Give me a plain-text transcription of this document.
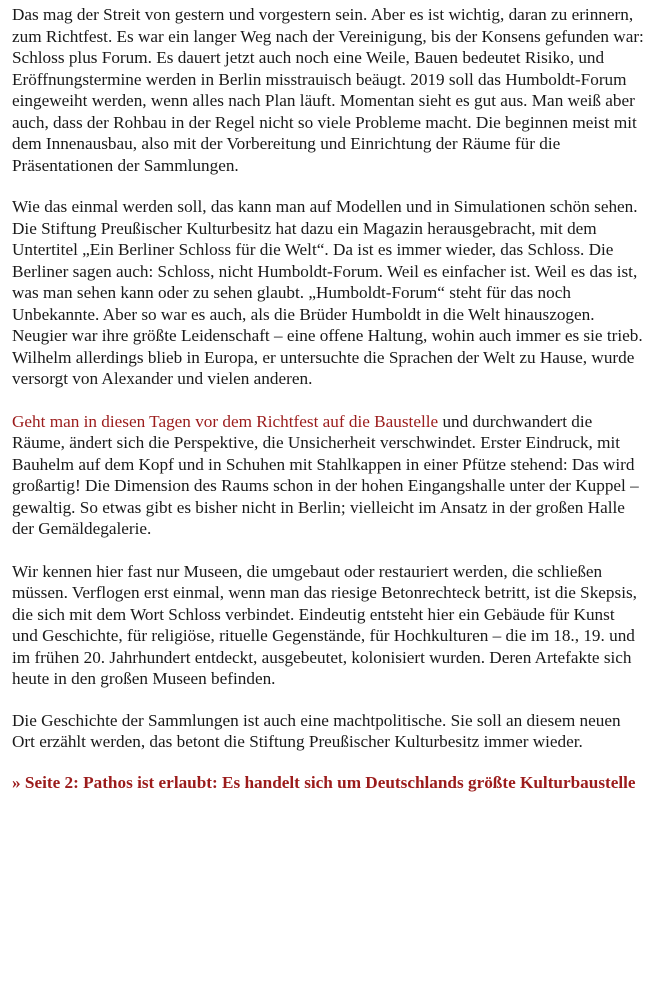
Das mag der Streit von gestern und vorgestern sein. Aber es ist wichtig, daran zu erinnern, zum Richtfest. Es war ein langer Weg nach der Vereinigung, bis der Konsens gefunden war: Schloss plus Forum. Es dauert jetzt auch noch eine Weile, Bauen bedeutet Risiko, und Eröffnungstermine werden in Berlin misstrauisch beäugt. 2019 soll das Humboldt-Forum eingeweiht werden, wenn alles nach Plan läuft. Momentan sieht es gut aus. Man weiß aber auch, dass der Rohbau in der Regel nicht so viele Probleme macht. Die beginnen meist mit dem Innenausbau, also mit der Vorbereitung und Einrichtung der Räume für die Präsentationen der Sammlungen.

Wie das einmal werden soll, das kann man auf Modellen und in Simulationen schön sehen. Die Stiftung Preußischer Kulturbesitz hat dazu ein Magazin herausgebracht, mit dem Untertitel „Ein Berliner Schloss für die Welt“. Da ist es immer wieder, das Schloss. Die Berliner sagen auch: Schloss, nicht Humboldt-Forum. Weil es einfacher ist. Weil es das ist, was man sehen kann oder zu sehen glaubt. „Humboldt-Forum“ steht für das noch Unbekannte. Aber so war es auch, als die Brüder Humboldt in die Welt hinauszogen. Neugier war ihre größte Leidenschaft – eine offene Haltung, wohin auch immer es sie trieb. Wilhelm allerdings blieb in Europa, er untersuchte die Sprachen der Welt zu Hause, wurde versorgt von Alexander und vielen anderen.

Geht man in diesen Tagen vor dem Richtfest auf die Baustelle und durchwandert die Räume, ändert sich die Perspektive, die Unsicherheit verschwindet. Erster Eindruck, mit Bauhelm auf dem Kopf und in Schuhen mit Stahlkappen in einer Pfütze stehend: Das wird großartig! Die Dimension des Raums schon in der hohen Eingangshalle unter der Kuppel – gewaltig. So etwas gibt es bisher nicht in Berlin; vielleicht im Ansatz in der großen Halle der Gemäldegalerie.

Wir kennen hier fast nur Museen, die umgebaut oder restauriert werden, die schließen müssen. Verflogen erst einmal, wenn man das riesige Betonrechteck betritt, ist die Skepsis, die sich mit dem Wort Schloss verbindet. Eindeutig entsteht hier ein Gebäude für Kunst und Geschichte, für religiöse, rituelle Gegenstände, für Hochkulturen – die im 18., 19. und im frühen 20. Jahrhundert entdeckt, ausgebeutet, kolonisiert wurden. Deren Artefakte sich heute in den großen Museen befinden.

Die Geschichte der Sammlungen ist auch eine machtpolitische. Sie soll an diesem neuen Ort erzählt werden, das betont die Stiftung Preußischer Kulturbesitz immer wieder.

» Seite 2: Pathos ist erlaubt: Es handelt sich um Deutschlands größte Kulturbaustelle
